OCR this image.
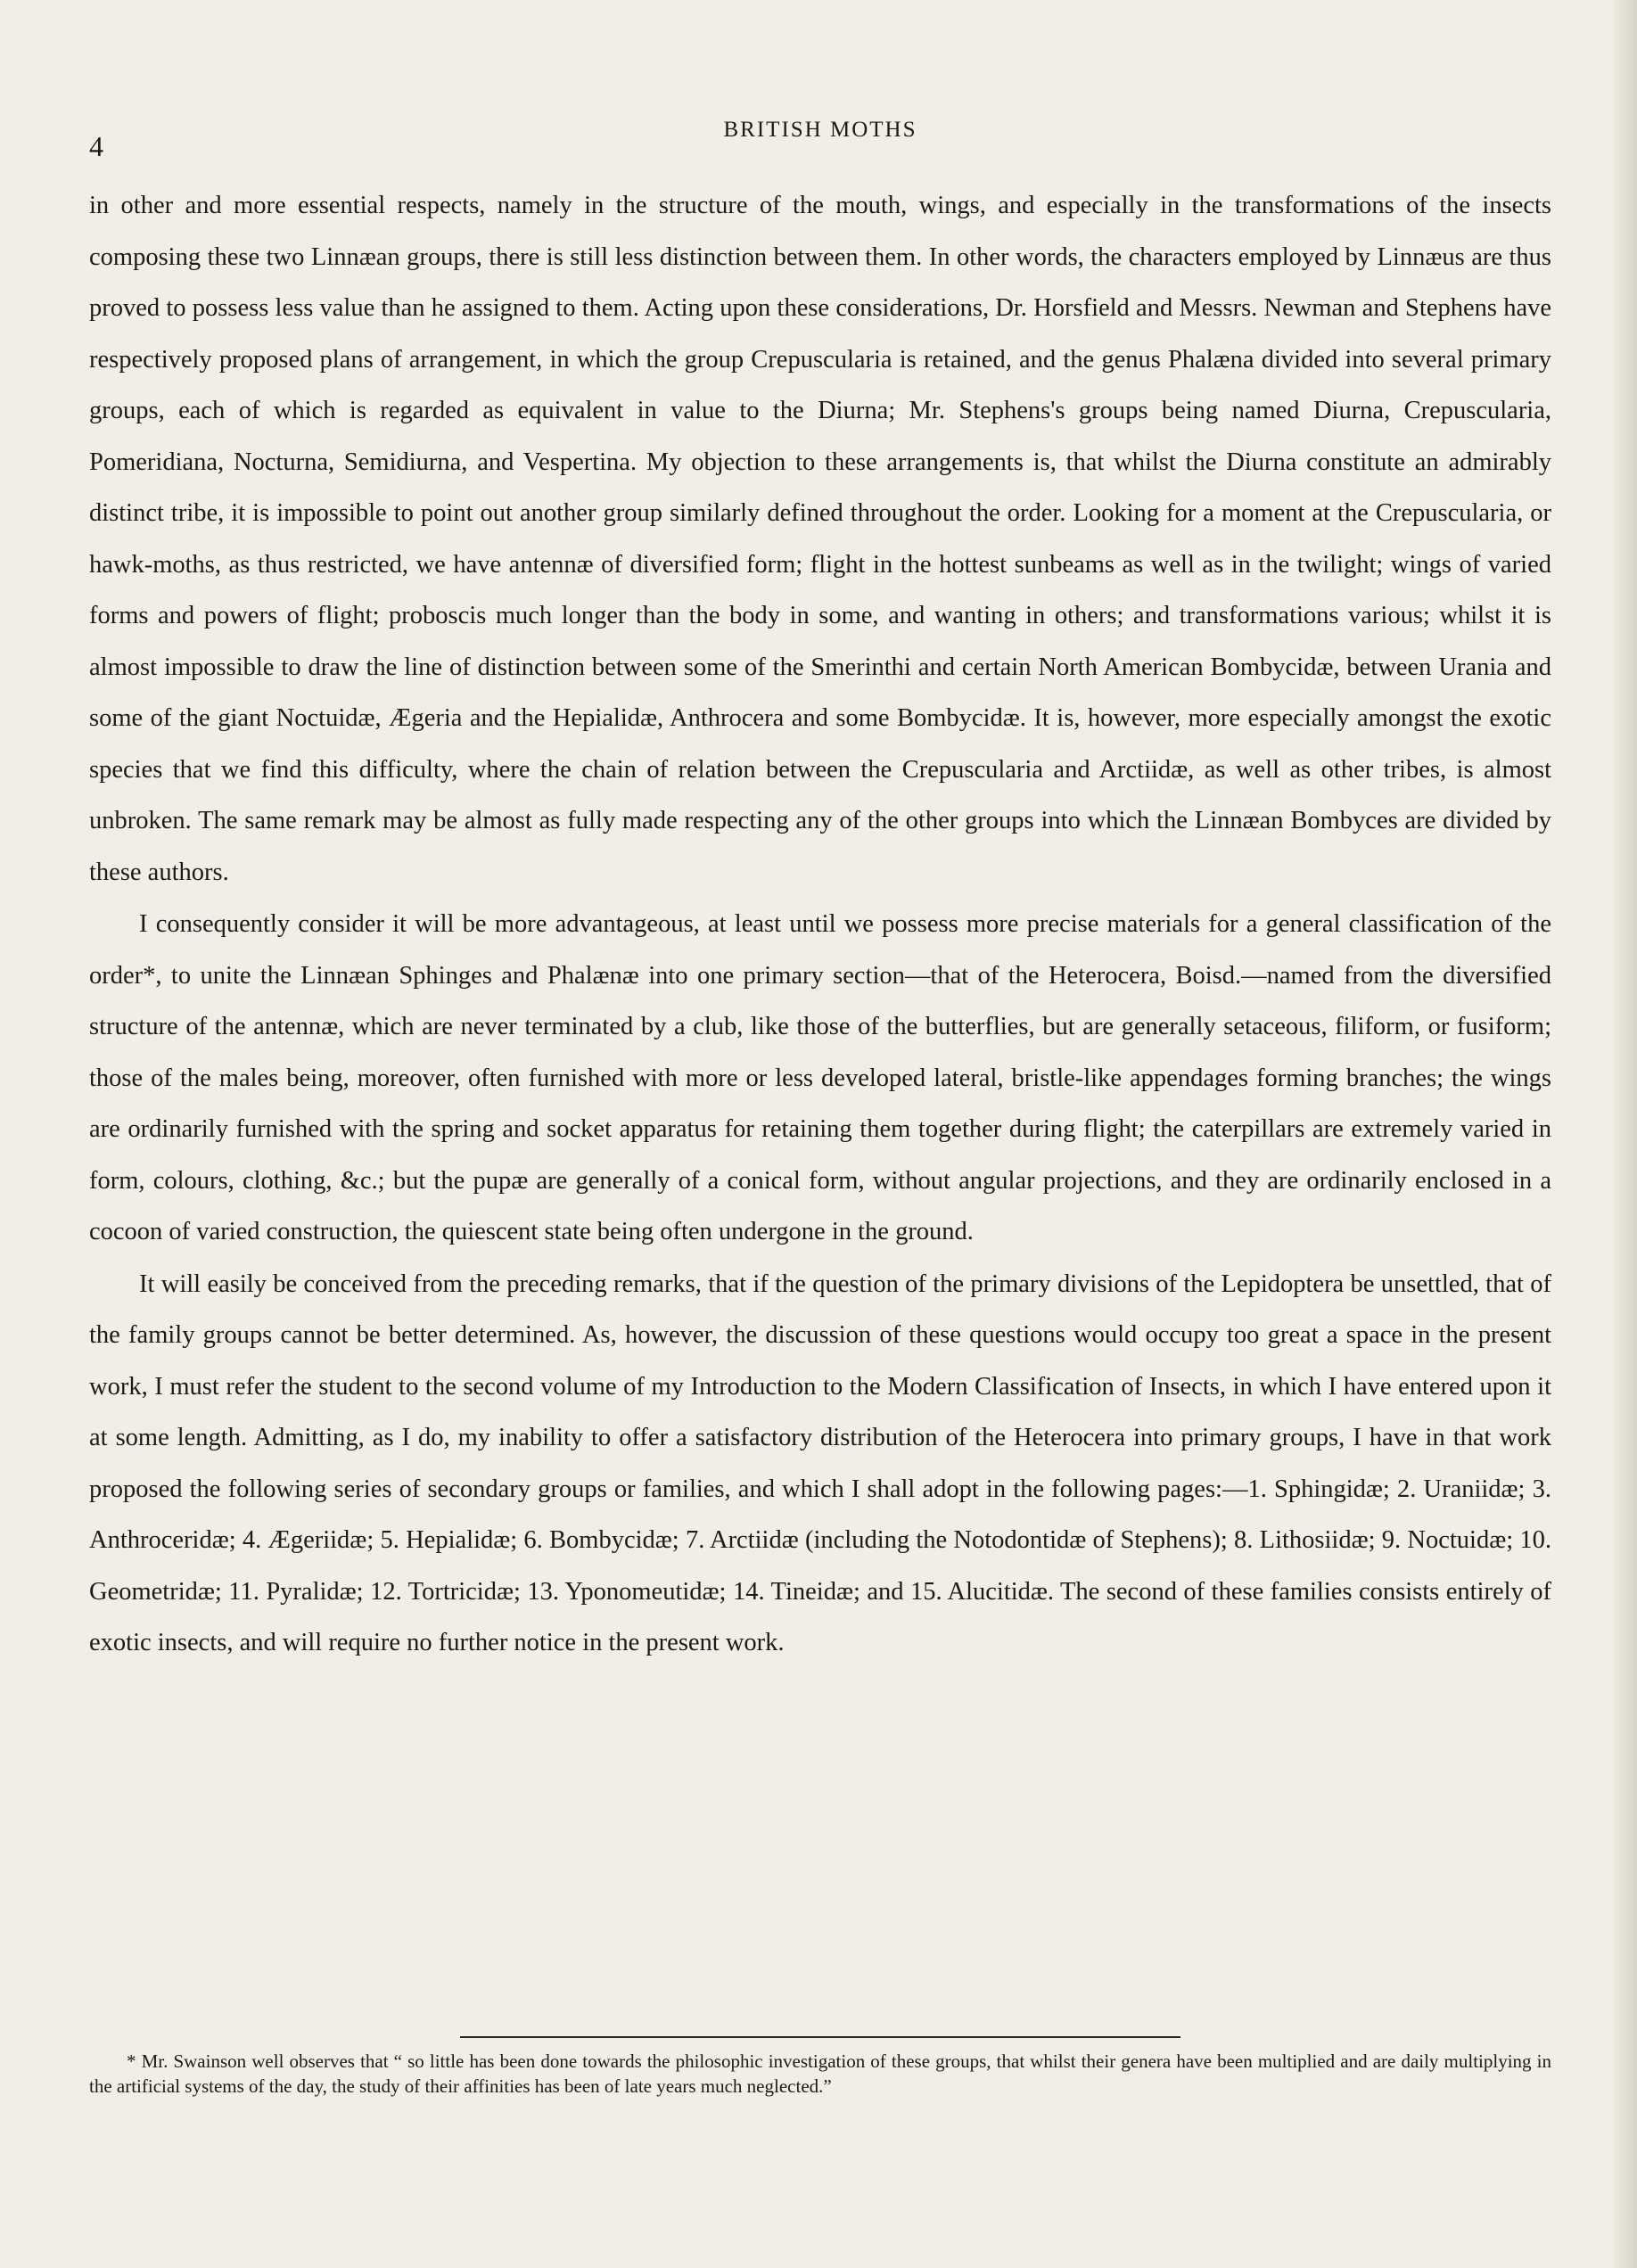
4
BRITISH MOTHS

in other and more essential respects, namely in the structure of the mouth, wings, and especially in the transformations of the insects composing these two Linnæan groups, there is still less distinction between them. In other words, the characters employed by Linnæus are thus proved to possess less value than he assigned to them. Acting upon these considerations, Dr. Horsfield and Messrs. Newman and Stephens have respectively proposed plans of arrangement, in which the group Crepuscularia is retained, and the genus Phalæna divided into several primary groups, each of which is regarded as equivalent in value to the Diurna; Mr. Stephens's groups being named Diurna, Crepuscularia, Pomeridiana, Nocturna, Semidiurna, and Vespertina. My objection to these arrangements is, that whilst the Diurna constitute an admirably distinct tribe, it is impossible to point out another group similarly defined throughout the order. Looking for a moment at the Crepuscularia, or hawk-moths, as thus restricted, we have antennæ of diversified form; flight in the hottest sunbeams as well as in the twilight; wings of varied forms and powers of flight; proboscis much longer than the body in some, and wanting in others; and transformations various; whilst it is almost impossible to draw the line of distinction between some of the Smerinthi and certain North American Bombycidæ, between Urania and some of the giant Noctuidæ, Ægeria and the Hepialidæ, Anthrocera and some Bombycidæ. It is, however, more especially amongst the exotic species that we find this difficulty, where the chain of relation between the Crepuscularia and Arctiidæ, as well as other tribes, is almost unbroken. The same remark may be almost as fully made respecting any of the other groups into which the Linnæan Bombyces are divided by these authors.

I consequently consider it will be more advantageous, at least until we possess more precise materials for a general classification of the order*, to unite the Linnæan Sphinges and Phalænæ into one primary section—that of the Heterocera, Boisd.—named from the diversified structure of the antennæ, which are never terminated by a club, like those of the butterflies, but are generally setaceous, filiform, or fusiform; those of the males being, moreover, often furnished with more or less developed lateral, bristle-like appendages forming branches; the wings are ordinarily furnished with the spring and socket apparatus for retaining them together during flight; the caterpillars are extremely varied in form, colours, clothing, &c.; but the pupæ are generally of a conical form, without angular projections, and they are ordinarily enclosed in a cocoon of varied construction, the quiescent state being often undergone in the ground.

It will easily be conceived from the preceding remarks, that if the question of the primary divisions of the Lepidoptera be unsettled, that of the family groups cannot be better determined. As, however, the discussion of these questions would occupy too great a space in the present work, I must refer the student to the second volume of my Introduction to the Modern Classification of Insects, in which I have entered upon it at some length. Admitting, as I do, my inability to offer a satisfactory distribution of the Heterocera into primary groups, I have in that work proposed the following series of secondary groups or families, and which I shall adopt in the following pages:—1. Sphingidæ; 2. Uraniidæ; 3. Anthroceridæ; 4. Ægeriidæ; 5. Hepialidæ; 6. Bombycidæ; 7. Arctiidæ (including the Notodontidæ of Stephens); 8. Lithosiidæ; 9. Noctuidæ; 10. Geometridæ; 11. Pyralidæ; 12. Tortricidæ; 13. Yponomeutidæ; 14. Tineidæ; and 15. Alucitidæ. The second of these families consists entirely of exotic insects, and will require no further notice in the present work.

* Mr. Swainson well observes that “ so little has been done towards the philosophic investigation of these groups, that whilst their genera have been multiplied and are daily multiplying in the artificial systems of the day, the study of their affinities has been of late years much neglected.”
